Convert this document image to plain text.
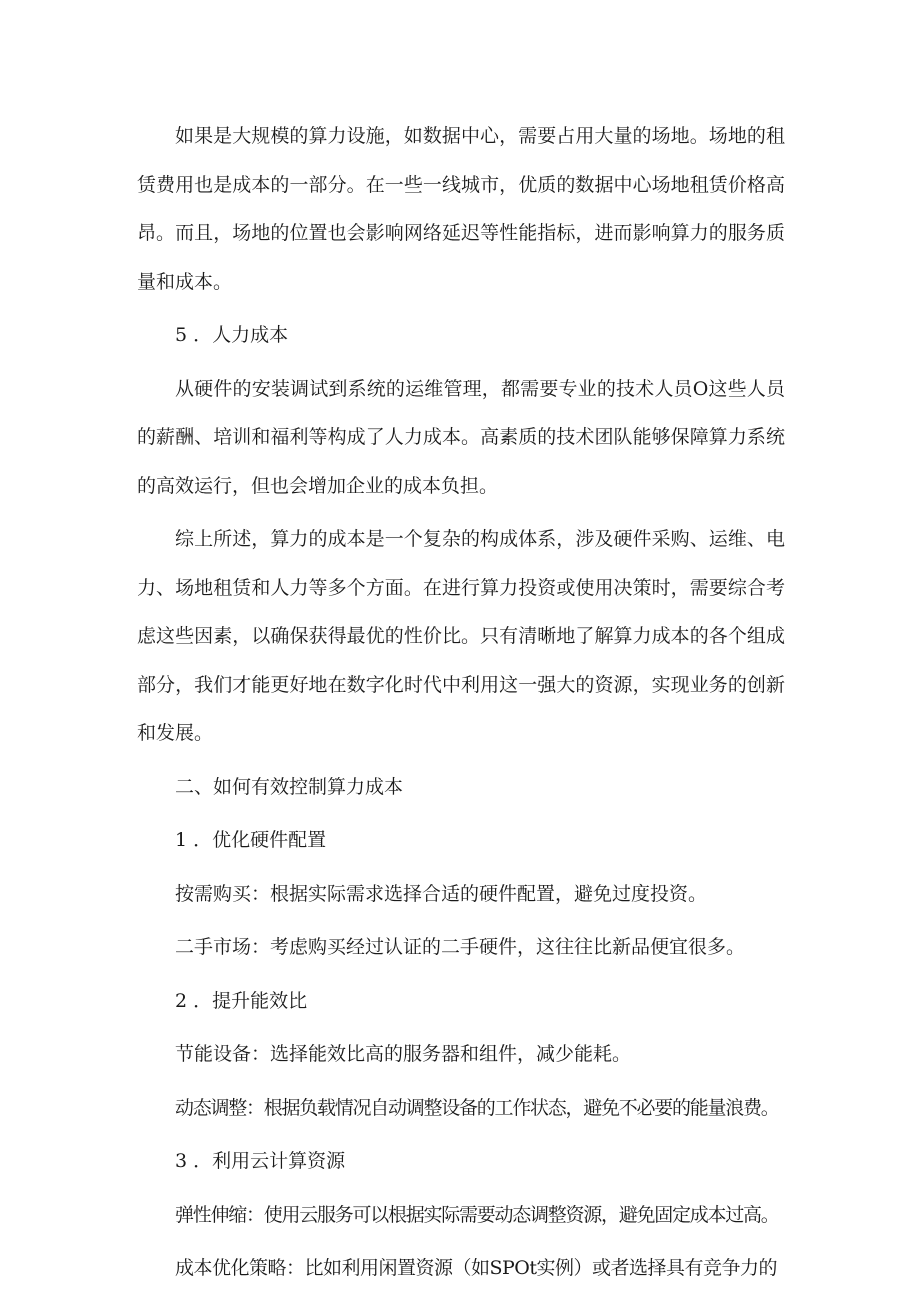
如果是大规模的算力设施，如数据中心，需要占用大量的场地。场地的租赁费用也是成本的一部分。在一些一线城市，优质的数据中心场地租赁价格高昂。而且，场地的位置也会影响网络延迟等性能指标，进而影响算力的服务质量和成本。

5 ．人力成本

从硬件的安装调试到系统的运维管理，都需要专业的技术人员O这些人员的薪酬、培训和福利等构成了人力成本。高素质的技术团队能够保障算力系统的高效运行，但也会增加企业的成本负担。

综上所述，算力的成本是一个复杂的构成体系，涉及硬件采购、运维、电力、场地租赁和人力等多个方面。在进行算力投资或使用决策时，需要综合考虑这些因素，以确保获得最优的性价比。只有清晰地了解算力成本的各个组成部分，我们才能更好地在数字化时代中利用这一强大的资源，实现业务的创新和发展。

二、如何有效控制算力成本

1 ．优化硬件配置

按需购买：根据实际需求选择合适的硬件配置，避免过度投资。

二手市场：考虑购买经过认证的二手硬件，这往往比新品便宜很多。

2 ．提升能效比

节能设备：选择能效比高的服务器和组件，减少能耗。

动态调整：根据负载情况自动调整设备的工作状态，避免不必要的能量浪费。

3 ．利用云计算资源

弹性伸缩：使用云服务可以根据实际需要动态调整资源，避免固定成本过高。

成本优化策略：比如利用闲置资源（如SPOt实例）或者选择具有竞争力的
